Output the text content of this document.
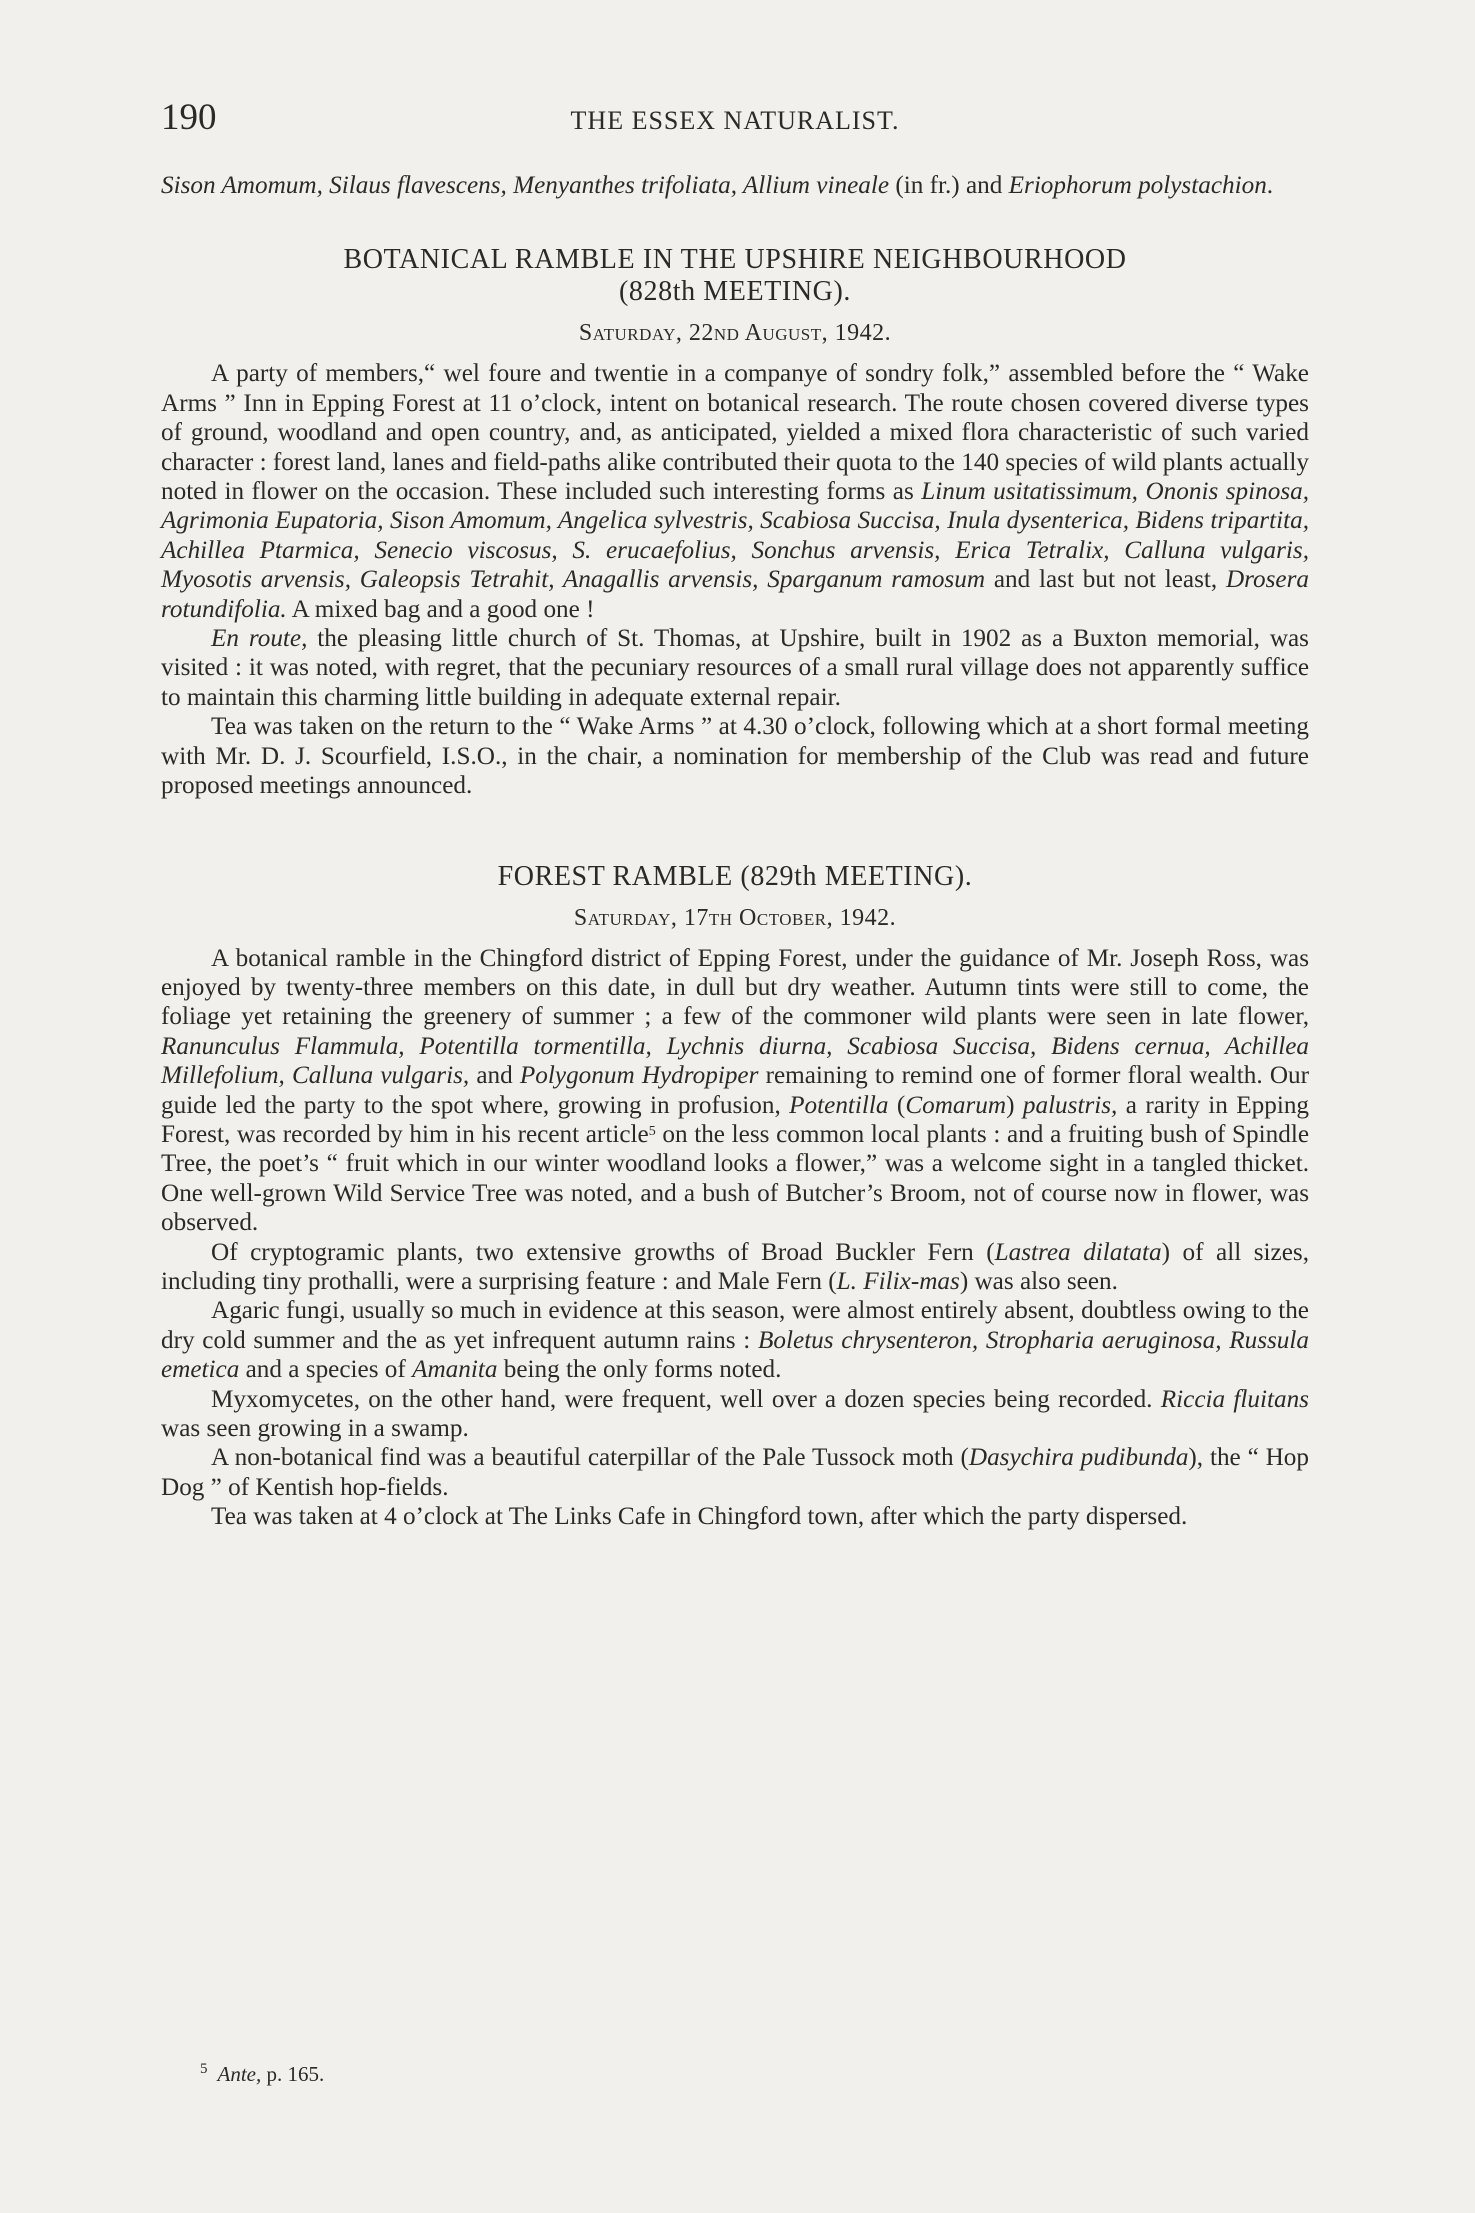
190	THE ESSEX NATURALIST.

Sison Amomum, Silaus flavescens, Menyanthes trifoliata, Allium vineale (in fr.) and Eriophorum polystachion.

BOTANICAL RAMBLE IN THE UPSHIRE NEIGHBOURHOOD
(828th MEETING).
Saturday, 22nd August, 1942.

A party of members,“ wel foure and twentie in a companye of sondry folk,” assembled before the “ Wake Arms ” Inn in Epping Forest at 11 o’clock, intent on botanical research. The route chosen covered diverse types of ground, woodland and open country, and, as anticipated, yielded a mixed flora characteristic of such varied character : forest land, lanes and field-paths alike contributed their quota to the 140 species of wild plants actually noted in flower on the occasion. These included such interesting forms as Linum usitatissimum, Ononis spinosa, Agrimonia Eupatoria, Sison Amomum, Angelica sylvestris, Scabiosa Succisa, Inula dysenterica, Bidens tripartita, Achillea Ptarmica, Senecio viscosus, S. erucaefolius, Sonchus arvensis, Erica Tetralix, Calluna vulgaris, Myosotis arvensis, Galeopsis Tetrahit, Anagallis arvensis, Sparganum ramosum and last but not least, Drosera rotundifolia. A mixed bag and a good one !

En route, the pleasing little church of St. Thomas, at Upshire, built in 1902 as a Buxton memorial, was visited : it was noted, with regret, that the pecuniary resources of a small rural village does not apparently suffice to maintain this charming little building in adequate external repair.

Tea was taken on the return to the “ Wake Arms ” at 4.30 o’clock, following which at a short formal meeting with Mr. D. J. Scourfield, I.S.O., in the chair, a nomination for membership of the Club was read and future proposed meetings announced.

FOREST RAMBLE (829th MEETING).
Saturday, 17th October, 1942.

A botanical ramble in the Chingford district of Epping Forest, under the guidance of Mr. Joseph Ross, was enjoyed by twenty-three members on this date, in dull but dry weather. Autumn tints were still to come, the foliage yet retaining the greenery of summer ; a few of the commoner wild plants were seen in late flower, Ranunculus Flammula, Potentilla tormentilla, Lychnis diurna, Scabiosa Succisa, Bidens cernua, Achillea Millefolium, Calluna vulgaris, and Polygonum Hydropiper remaining to remind one of former floral wealth. Our guide led the party to the spot where, growing in profusion, Potentilla (Comarum) palustris, a rarity in Epping Forest, was recorded by him in his recent article$^5$ on the less common local plants : and a fruiting bush of Spindle Tree, the poet’s “ fruit which in our winter woodland looks a flower,” was a welcome sight in a tangled thicket. One well-grown Wild Service Tree was noted, and a bush of Butcher’s Broom, not of course now in flower, was observed.

Of cryptogramic plants, two extensive growths of Broad Buckler Fern (Lastrea dilatata) of all sizes, including tiny prothalli, were a surprising feature : and Male Fern (L. Filix-mas) was also seen.

Agaric fungi, usually so much in evidence at this season, were almost entirely absent, doubtless owing to the dry cold summer and the as yet infrequent autumn rains : Boletus chrysenteron, Stropharia aeruginosa, Russula emetica and a species of Amanita being the only forms noted.

Myxomycetes, on the other hand, were frequent, well over a dozen species being recorded. Riccia fluitans was seen growing in a swamp.

A non-botanical find was a beautiful caterpillar of the Pale Tussock moth (Dasychira pudibunda), the “ Hop Dog ” of Kentish hop-fields.

Tea was taken at 4 o’clock at The Links Cafe in Chingford town, after which the party dispersed.

$^5$ Ante, p. 165.
